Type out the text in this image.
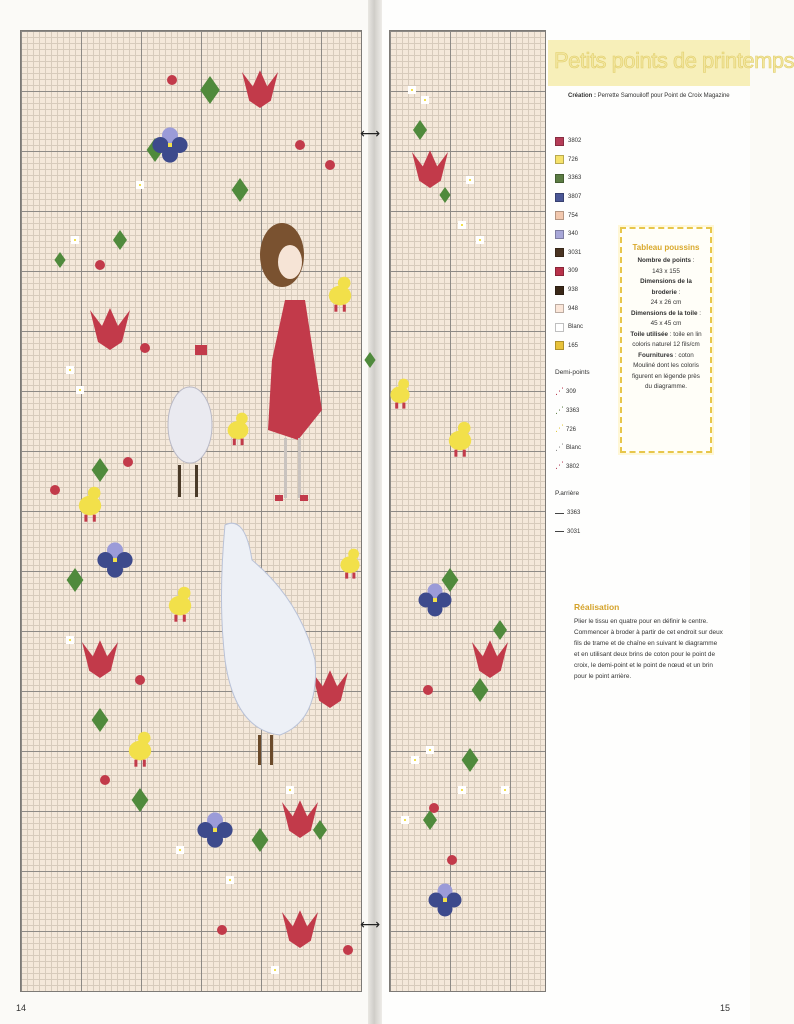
⟷
⟷
Petits points de printemps
Création : Perrette Samouiloff pour Point de Croix Magazine
3802
726
3363
3807
754
340
3031
309
938
948
Blanc
165
Demi-points
⋰ 309
⋰ 3363
⋰ 726
⋰ Blanc
⋰ 3802
P.arrière
3363
3031
Tableau poussins
Nombre de points :
143 x 155
Dimensions de la broderie :
24 x 26 cm
Dimensions de la toile :
45 x 45 cm
Toile utilisée : toile en lin coloris naturel 12 fils/cm
Fournitures : coton Mouliné dont les coloris figurent en légende près du diagramme.
Réalisation
Plier le tissu en quatre pour en définir le centre. Commencer à broder à partir de cet endroit sur deux fils de trame et de chaîne en suivant le diagramme et en utilisant deux brins de coton pour le point de croix, le demi-point et le point de nœud et un brin pour le point arrière.
14	15
